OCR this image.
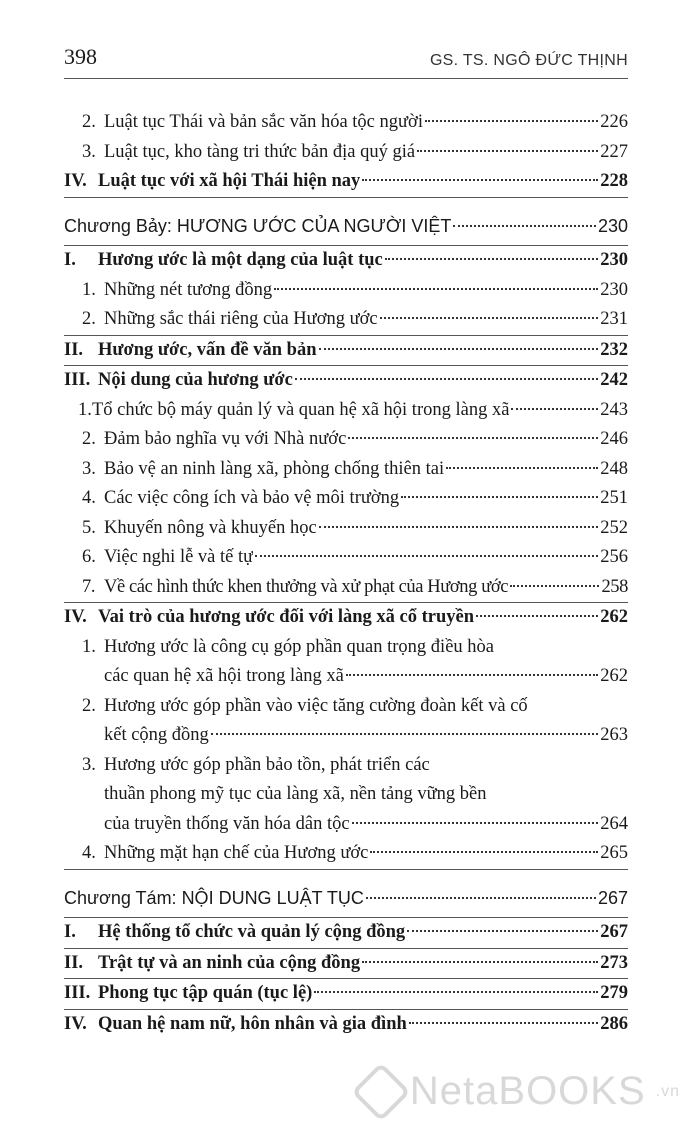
398	GS. TS. NGÔ ĐỨC THỊNH
2. Luật tục Thái và bản sắc văn hóa tộc người	226
3. Luật tục, kho tàng tri thức bản địa quý giá	227
IV. Luật tục với xã hội Thái hiện nay	228
Chương Bảy: HƯƠNG ƯỚC CỦA NGƯỜI VIỆT	230
I.	Hương ước là một dạng của luật tục	230
1. Những nét tương đồng	230
2. Những sắc thái riêng của Hương ước	231
II. Hương ước, vấn đề văn bản	232
III. Nội dung của hương ước	242
1. Tổ chức bộ máy quản lý và quan hệ xã hội trong làng xã	243
2. Đảm bảo nghĩa vụ với Nhà nước	246
3. Bảo vệ an ninh làng xã, phòng chống thiên tai	248
4. Các việc công ích và bảo vệ môi trường	251
5. Khuyến nông và khuyến học	252
6. Việc nghi lễ và tế tự	256
7. Về các hình thức khen thưởng và xử phạt của Hương ước	258
IV. Vai trò của hương ước đối với làng xã cổ truyền	262
1. Hương ước là công cụ góp phần quan trọng điều hòa
các quan hệ xã hội trong làng xã	262
2. Hương ước góp phần vào việc tăng cường đoàn kết và cố
kết cộng đồng	263
3. Hương ước góp phần bảo tồn, phát triển các
thuần phong mỹ tục của làng xã, nền tảng vững bền
của truyền thống văn hóa dân tộc	264
4. Những mặt hạn chế của Hương ước	265
Chương Tám: NỘI DUNG LUẬT TỤC	267
I.	Hệ thống tổ chức và quản lý cộng đồng	267
II. Trật tự và an ninh của cộng đồng	273
III. Phong tục tập quán (tục lệ)	279
IV. Quan hệ nam nữ, hôn nhân và gia đình	286
NetaBOOKS .vn
